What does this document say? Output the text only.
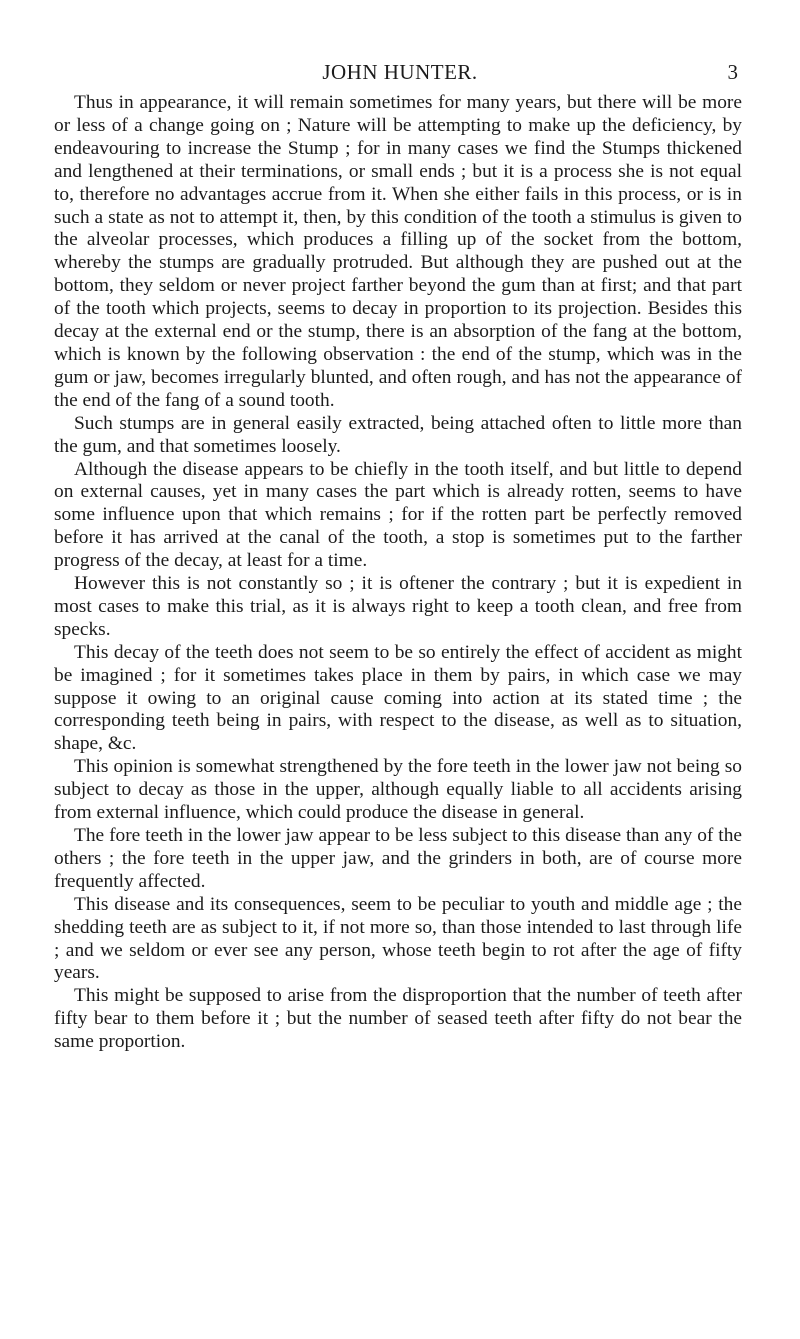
JOHN HUNTER.	3

Thus in appearance, it will remain sometimes for many years, but there will be more or less of a change going on ; Nature will be attempting to make up the deficiency, by endeavouring to increase the Stump ; for in many cases we find the Stumps thickened and lengthened at their terminations, or small ends ; but it is a process she is not equal to, therefore no advantages accrue from it. When she either fails in this process, or is in such a state as not to attempt it, then, by this condition of the tooth a stimulus is given to the alveolar processes, which produces a filling up of the socket from the bottom, whereby the stumps are gradually protruded. But although they are pushed out at the bottom, they seldom or never project farther beyond the gum than at first; and that part of the tooth which projects, seems to decay in proportion to its projection. Besides this decay at the external end or the stump, there is an absorption of the fang at the bottom, which is known by the following observation : the end of the stump, which was in the gum or jaw, becomes irregularly blunted, and often rough, and has not the appearance of the end of the fang of a sound tooth.

Such stumps are in general easily extracted, being attached often to little more than the gum, and that sometimes loosely.

Although the disease appears to be chiefly in the tooth itself, and but little to depend on external causes, yet in many cases the part which is already rotten, seems to have some influence upon that which remains ; for if the rotten part be perfectly removed before it has arrived at the canal of the tooth, a stop is sometimes put to the farther progress of the decay, at least for a time.

However this is not constantly so ; it is oftener the contrary ; but it is expedient in most cases to make this trial, as it is always right to keep a tooth clean, and free from specks.

This decay of the teeth does not seem to be so entirely the effect of accident as might be imagined ; for it sometimes takes place in them by pairs, in which case we may suppose it owing to an original cause coming into action at its stated time ; the corresponding teeth being in pairs, with respect to the disease, as well as to situation, shape, &c.

This opinion is somewhat strengthened by the fore teeth in the lower jaw not being so subject to decay as those in the upper, although equally liable to all accidents arising from external influence, which could produce the disease in general.

The fore teeth in the lower jaw appear to be less subject to this disease than any of the others ; the fore teeth in the upper jaw, and the grinders in both, are of course more frequently affected.

This disease and its consequences, seem to be peculiar to youth and middle age ; the shedding teeth are as subject to it, if not more so, than those intended to last through life ; and we seldom or ever see any person, whose teeth begin to rot after the age of fifty years.

This might be supposed to arise from the disproportion that the number of teeth after fifty bear to them before it ; but the number of seased teeth after fifty do not bear the same proportion.
